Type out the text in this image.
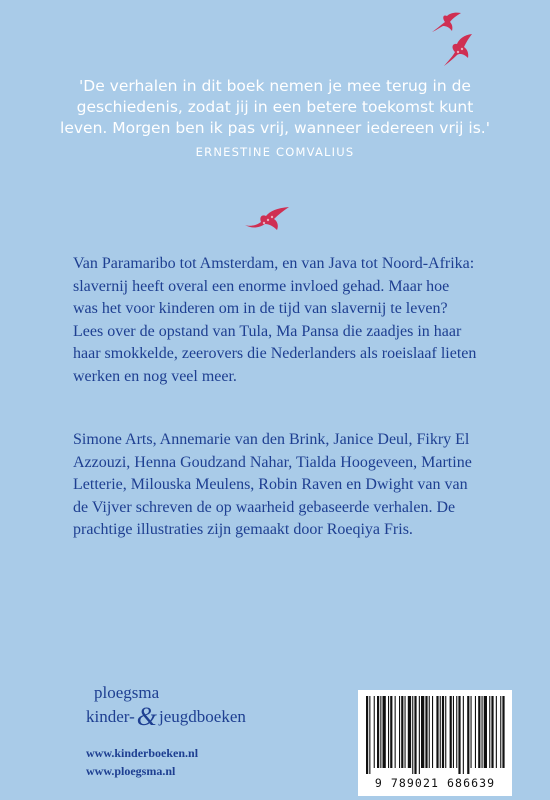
'De verhalen in dit boek nemen je mee terug in de geschiedenis, zodat jij in een betere toekomst kunt leven. Morgen ben ik pas vrij, wanneer iedereen vrij is.'
ERNESTINE COMVALIUS
Van Paramaribo tot Amsterdam, en van Java tot Noord-Afrika: slavernij heeft overal een enorme invloed gehad. Maar hoe was het voor kinderen om in de tijd van slavernij te leven? Lees over de opstand van Tula, Ma Pansa die zaadjes in haar haar smokkelde, zeerovers die Nederlanders als roeislaaf lieten werken en nog veel meer.
Simone Arts, Annemarie van den Brink, Janice Deul, Fikry El Azzouzi, Henna Goudzand Nahar, Tialda Hoogeveen, Martine Letterie, Milouska Meulens, Robin Raven en Dwight van van de Vijver schreven de op waarheid gebaseerde verhalen. De prachtige illustraties zijn gemaakt door Roeqiya Fris.
ploegsma
kinder-& jeugdboeken
www.kinderboeken.nl
www.ploegsma.nl
9 789021 686639
